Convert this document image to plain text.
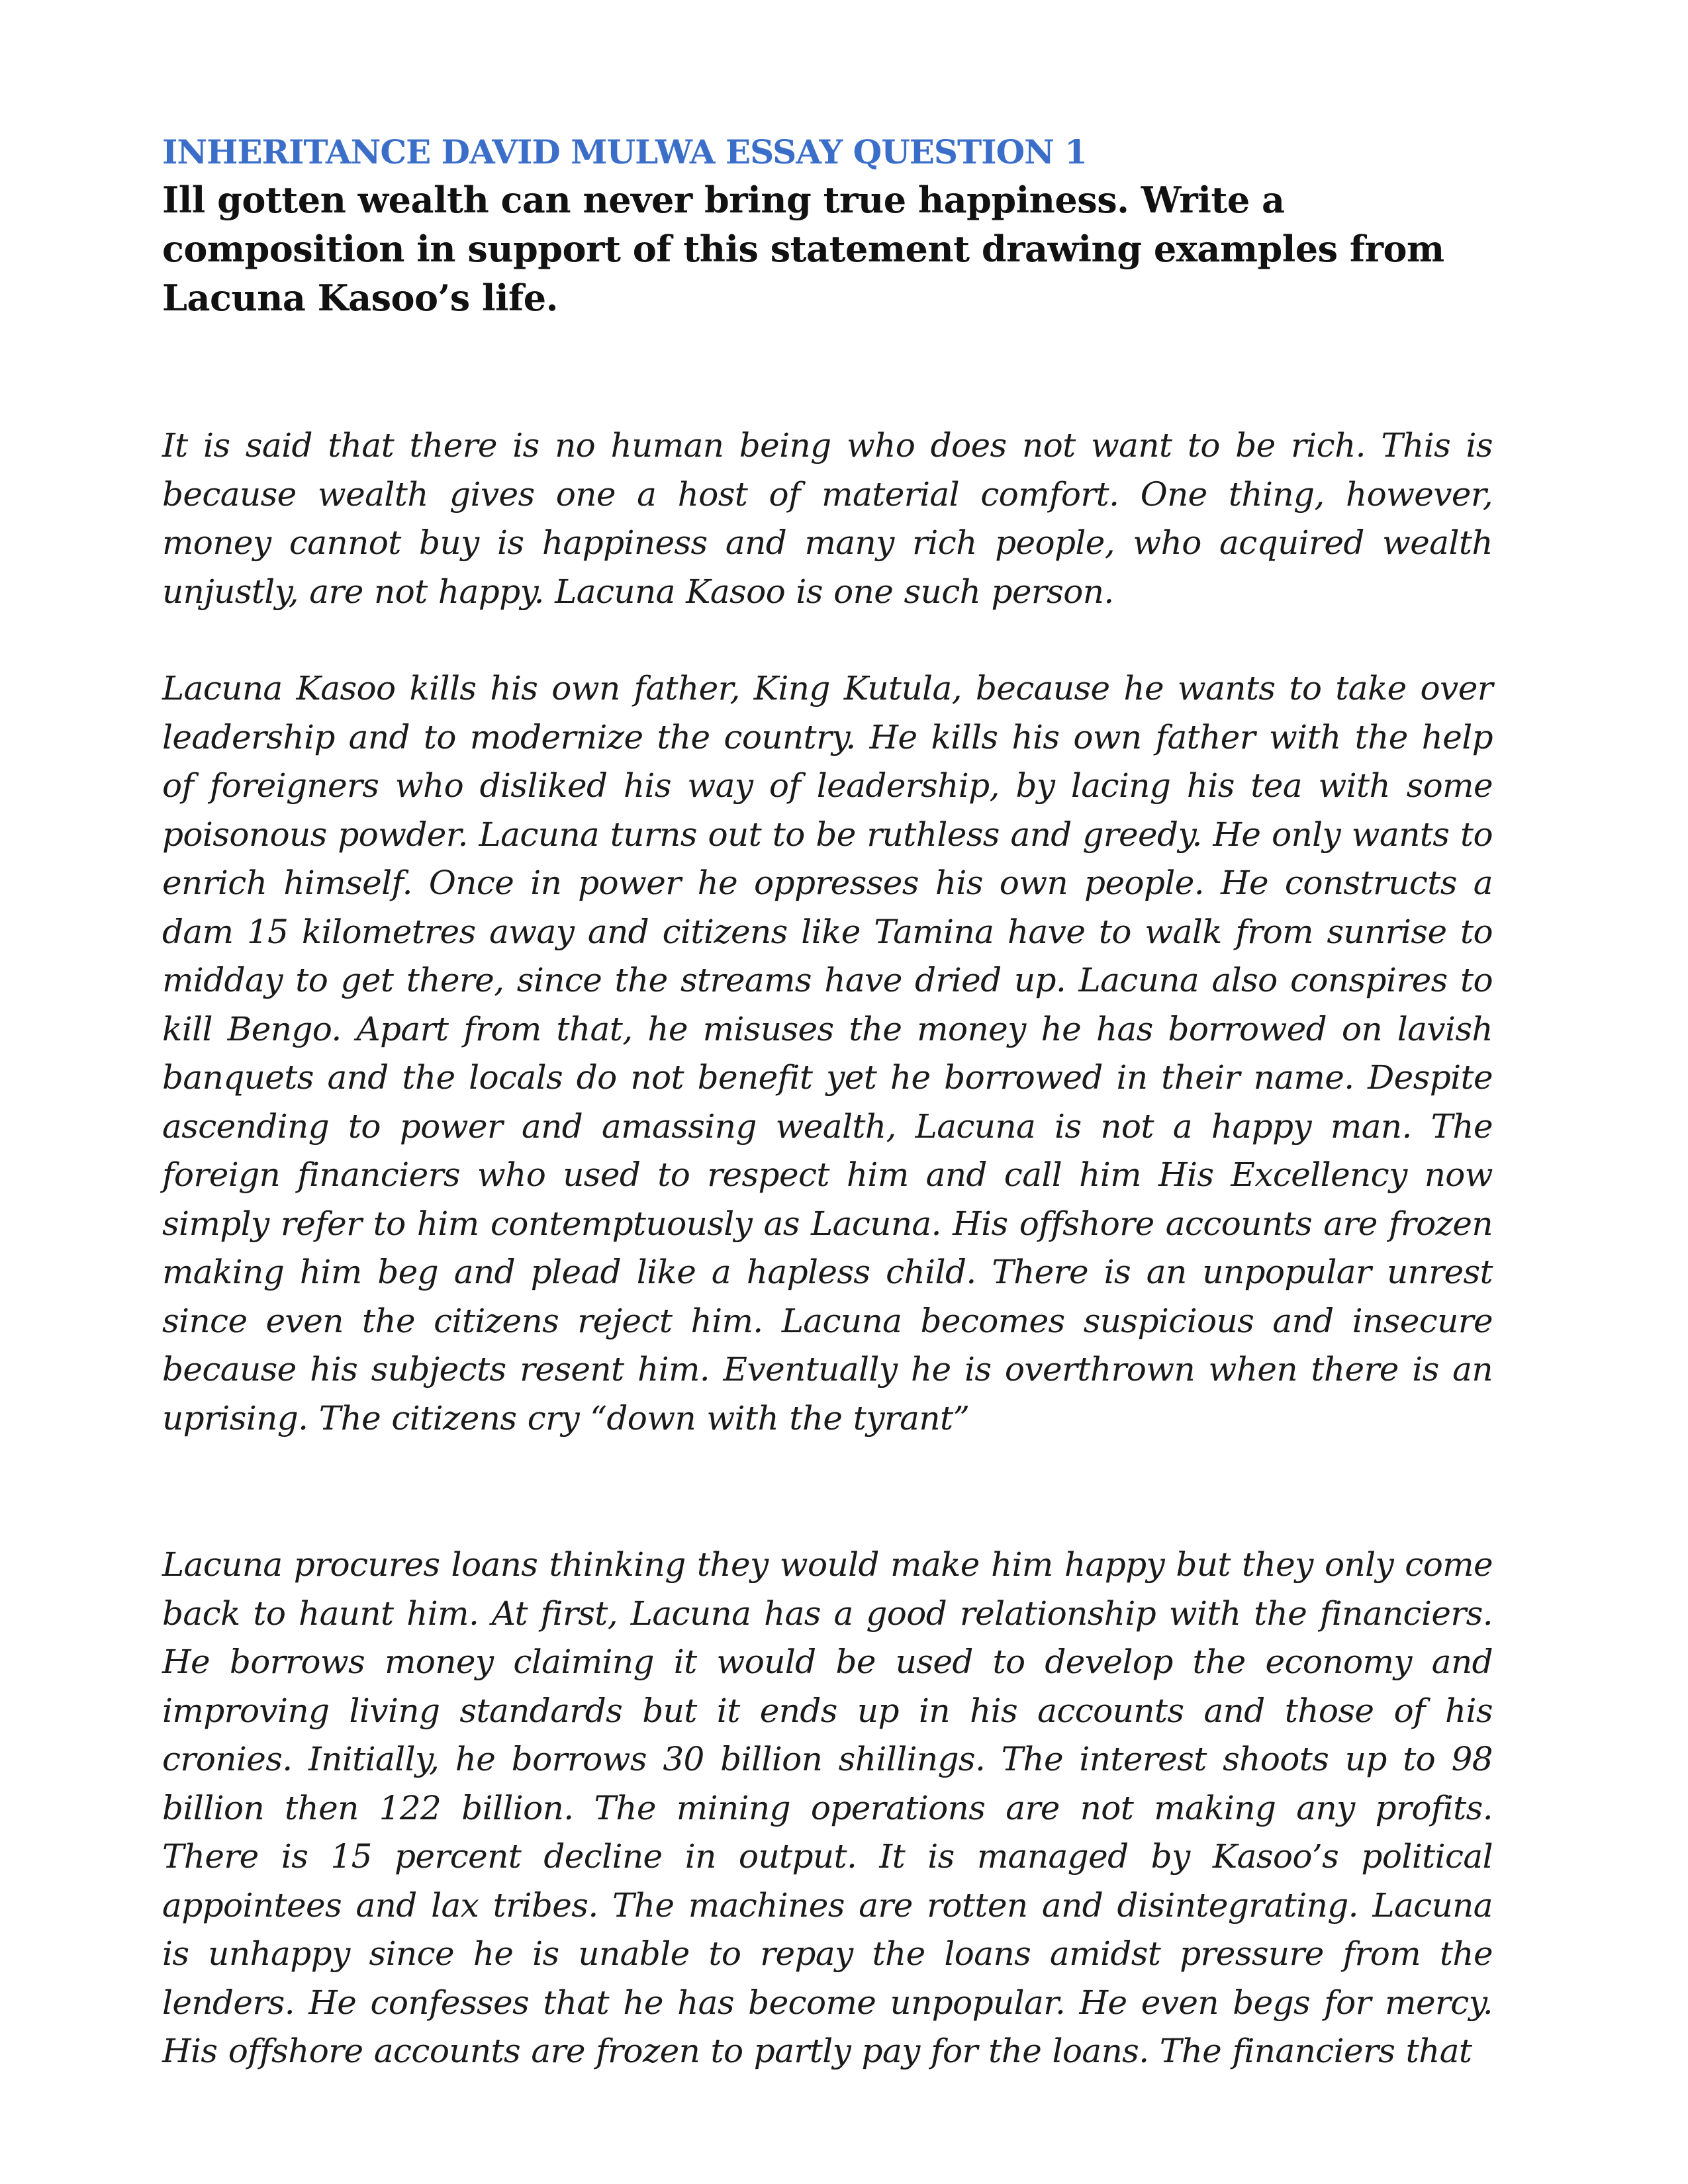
INHERITANCE DAVID MULWA ESSAY QUESTION 1
Ill gotten wealth can never bring true happiness. Write a composition in support of this statement drawing examples from Lacuna Kasoo’s life.

It is said that there is no human being who does not want to be rich. This is because wealth gives one a host of material comfort. One thing, however, money cannot buy is happiness and many rich people, who acquired wealth unjustly, are not happy. Lacuna Kasoo is one such person.

Lacuna Kasoo kills his own father, King Kutula, because he wants to take over leadership and to modernize the country. He kills his own father with the help of foreigners who disliked his way of leadership, by lacing his tea with some poisonous powder. Lacuna turns out to be ruthless and greedy. He only wants to enrich himself. Once in power he oppresses his own people. He constructs a dam 15 kilometres away and citizens like Tamina have to walk from sunrise to midday to get there, since the streams have dried up. Lacuna also conspires to kill Bengo. Apart from that, he misuses the money he has borrowed on lavish banquets and the locals do not benefit yet he borrowed in their name. Despite ascending to power and amassing wealth, Lacuna is not a happy man. The foreign financiers who used to respect him and call him His Excellency now simply refer to him contemptuously as Lacuna. His offshore accounts are frozen making him beg and plead like a hapless child. There is an unpopular unrest since even the citizens reject him. Lacuna becomes suspicious and insecure because his subjects resent him. Eventually he is overthrown when there is an uprising. The citizens cry “down with the tyrant”

Lacuna procures loans thinking they would make him happy but they only come back to haunt him. At first, Lacuna has a good relationship with the financiers. He borrows money claiming it would be used to develop the economy and improving living standards but it ends up in his accounts and those of his cronies. Initially, he borrows 30 billion shillings. The interest shoots up to 98 billion then 122 billion. The mining operations are not making any profits. There is 15 percent decline in output. It is managed by Kasoo’s political appointees and lax tribes. The machines are rotten and disintegrating. Lacuna is unhappy since he is unable to repay the loans amidst pressure from the lenders. He confesses that he has become unpopular. He even begs for mercy. His offshore accounts are frozen to partly pay for the loans. The financiers that
